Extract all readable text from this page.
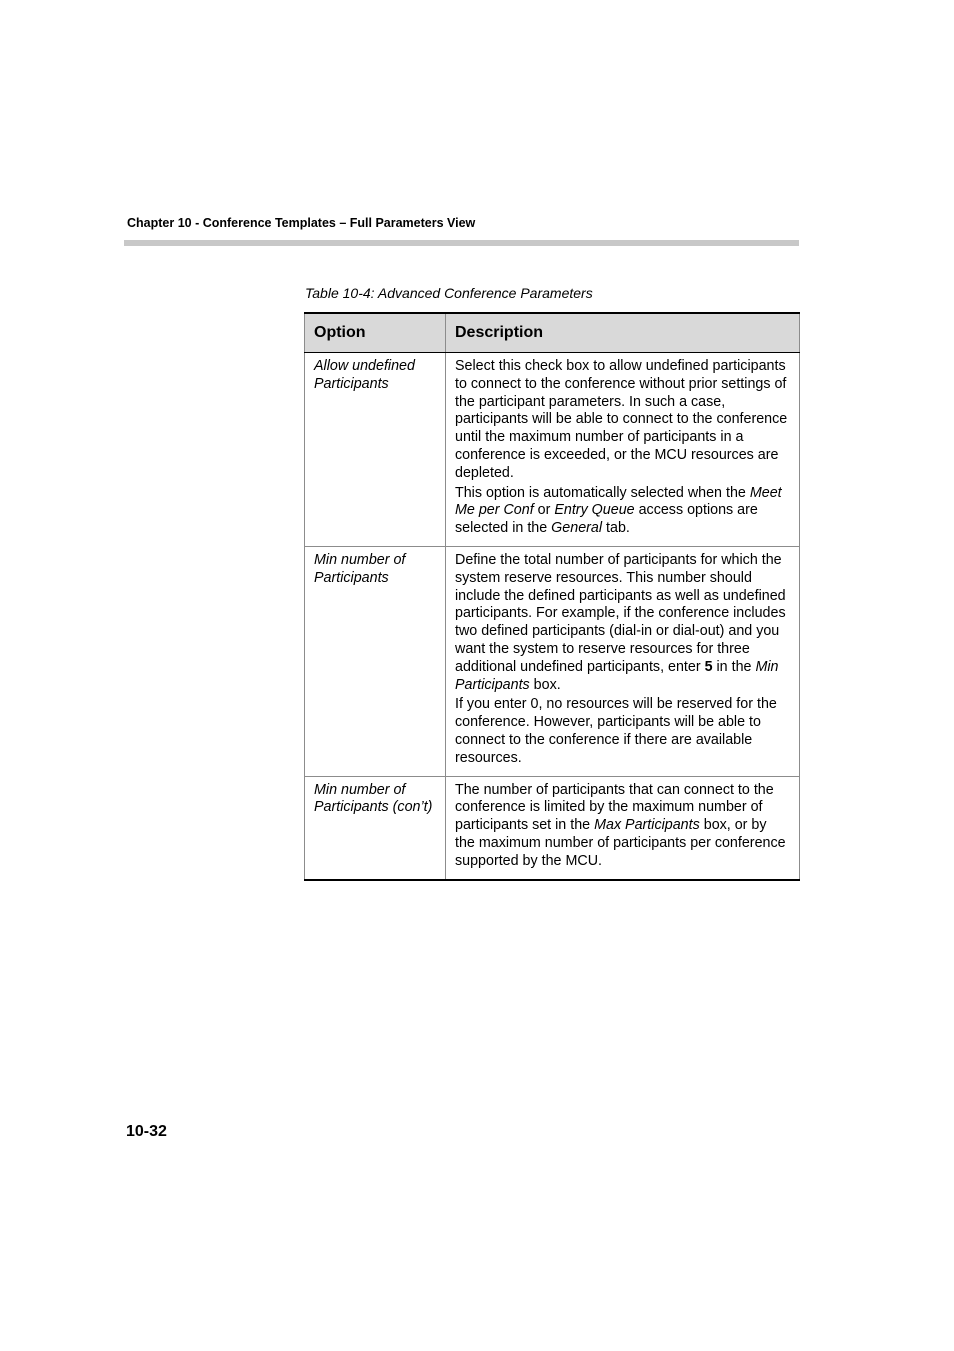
Chapter 10 - Conference Templates – Full Parameters View
Table 10-4: Advanced Conference Parameters
Option	Description
Allow undefined Participants	Select this check box to allow undefined participants to connect to the conference without prior settings of the participant parameters. In such a case, participants will be able to connect to the conference until the maximum number of participants in a conference is exceeded, or the MCU resources are depleted.

This option is automatically selected when the Meet Me per Conf or Entry Queue access options are selected in the General tab.

Min number of Participants	Define the total number of participants for which the system reserve resources. This number should include the defined participants as well as undefined participants. For example, if the conference includes two defined participants (dial-in or dial-out) and you want the system to reserve resources for three additional undefined participants, enter 5 in the Min Participants box.

If you enter 0, no resources will be reserved for the conference. However, participants will be able to connect to the conference if there are available resources.

Min number of Participants (con’t)	The number of participants that can connect to the conference is limited by the maximum number of participants set in the Max Participants box, or by the maximum number of participants per conference supported by the MCU.

10-32
